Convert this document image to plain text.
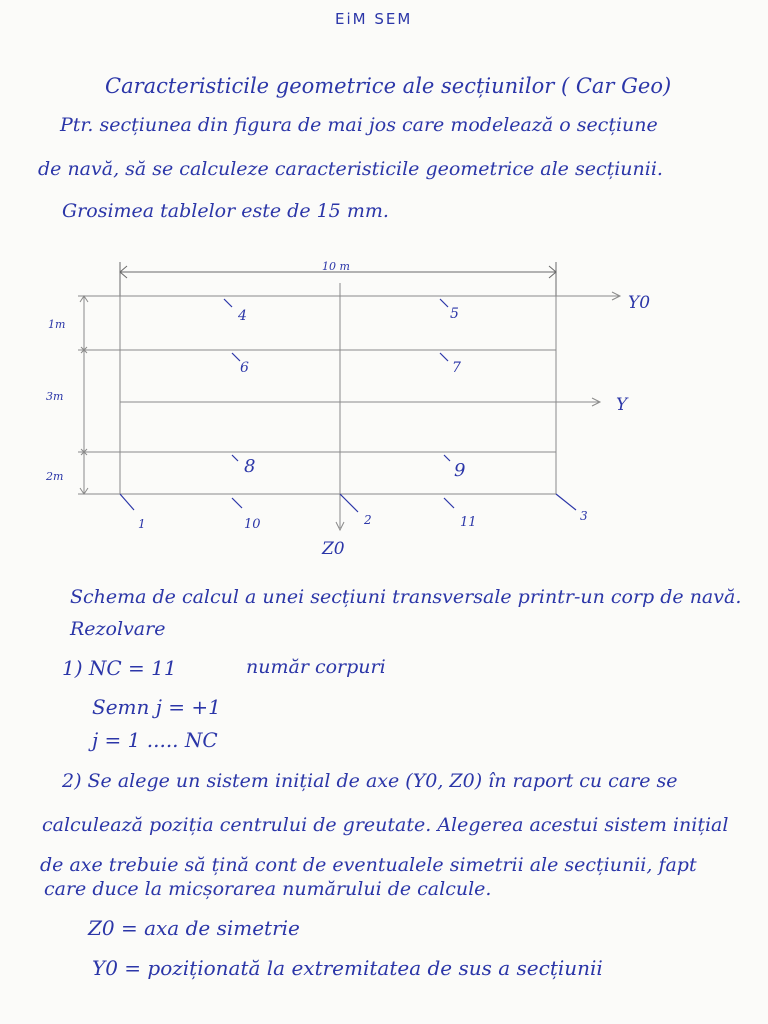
EiM SEM
Caracteristicile geometrice ale secțiunilor ( Car Geo)
Ptr. secțiunea din figura de mai jos care modelează o secțiune
de navă, să se calculeze caracteristicile geometrice ale secțiunii.
Grosimea tablelor este de 15 mm.
10 m
1m
3m
2m
Y0
Y
Z0
1	2	3
4	5
6	7
8	9
10	11
Schema de calcul a unei secțiuni transversale printr-un corp de navă.
Rezolvare
1) NC = 11	număr corpuri
Semn j = +1
j = 1 ..... NC
2) Se alege un sistem inițial de axe (Y0, Z0) în raport cu care se
calculează poziția centrului de greutate. Alegerea acestui sistem inițial
de axe trebuie să țină cont de eventualele simetrii ale secțiunii, fapt
care duce la micșorarea numărului de calcule.
Z0 = axa de simetrie
Y0 = poziționată la extremitatea de sus a secțiunii
